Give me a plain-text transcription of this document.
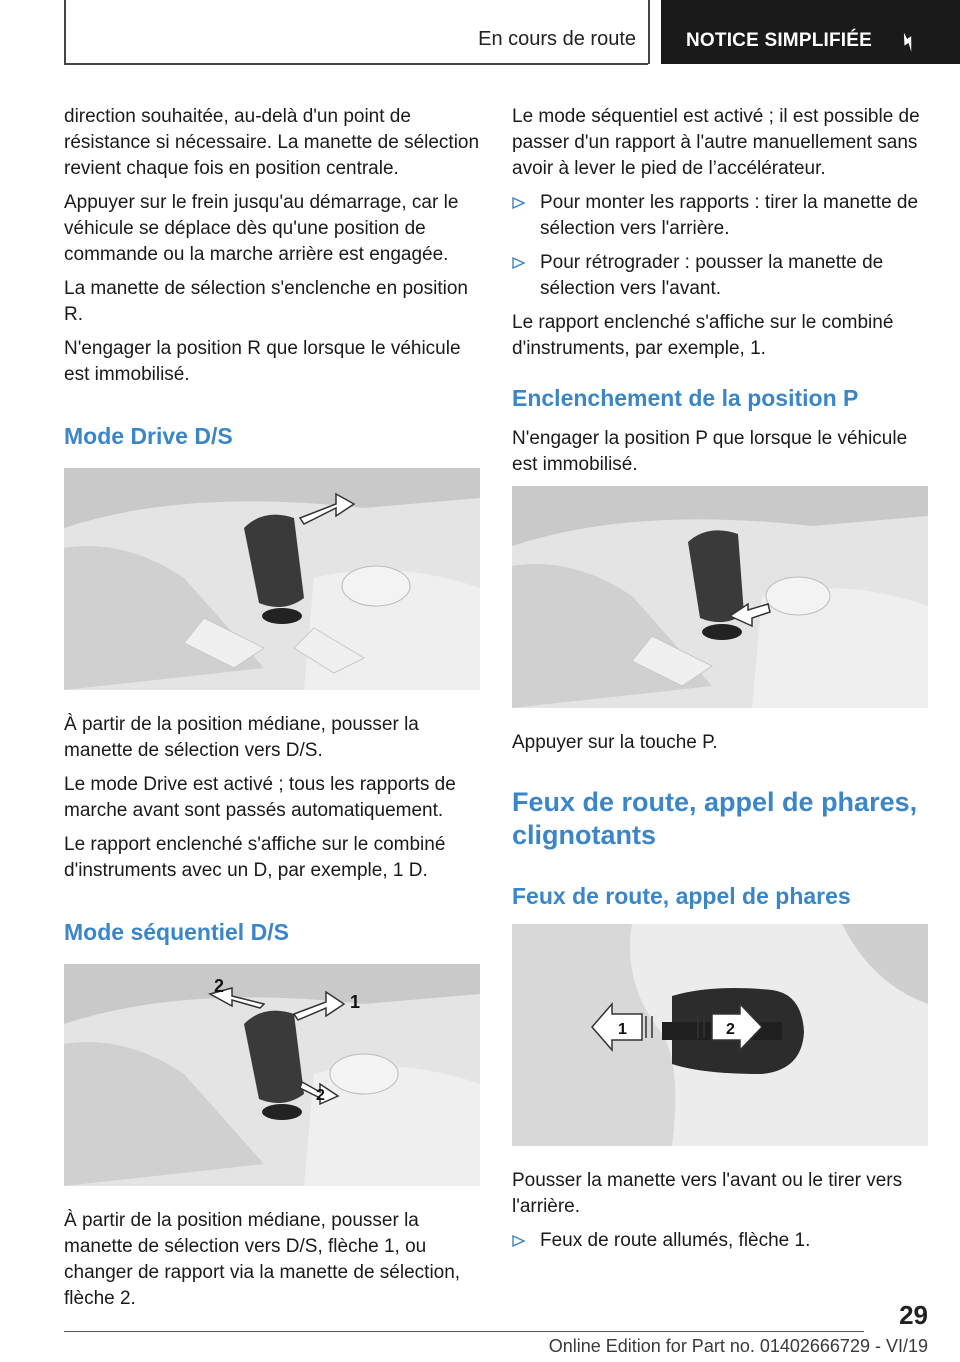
En cours de route	NOTICE SIMPLIFIÉE

direction souhaitée, au-delà d'un point de résistance si nécessaire. La manette de sélection revient chaque fois en position centrale.

Appuyer sur le frein jusqu'au démarrage, car le véhicule se déplace dès qu'une position de commande ou la marche arrière est engagée.

La manette de sélection s'enclenche en position R.

N'engager la position R que lorsque le véhicule est immobilisé.

Mode Drive D/S

À partir de la position médiane, pousser la manette de sélection vers D/S.

Le mode Drive est activé ; tous les rapports de marche avant sont passés automatiquement.

Le rapport enclenché s'affiche sur le combiné d'instruments avec un D, par exemple, 1 D.

Mode séquentiel D/S
1
2
2

À partir de la position médiane, pousser la manette de sélection vers D/S, flèche 1, ou changer de rapport via la manette de sélection, flèche 2.

Le mode séquentiel est activé ; il est possible de passer d'un rapport à l'autre manuellement sans avoir à lever le pied de l’accélérateur.

Pour monter les rapports : tirer la manette de sélection vers l'arrière.
Pour rétrograder : pousser la manette de sélection vers l'avant.

Le rapport enclenché s'affiche sur le combiné d'instruments, par exemple, 1.

Enclenchement de la position P

N'engager la position P que lorsque le véhicule est immobilisé.

Appuyer sur la touche P.

Feux de route, appel de phares, clignotants
Feux de route, appel de phares
1	2

Pousser la manette vers l'avant ou le tirer vers l'arrière.

Feux de route allumés, flèche 1.
29
Online Edition for Part no. 01402666729 - VI/19
